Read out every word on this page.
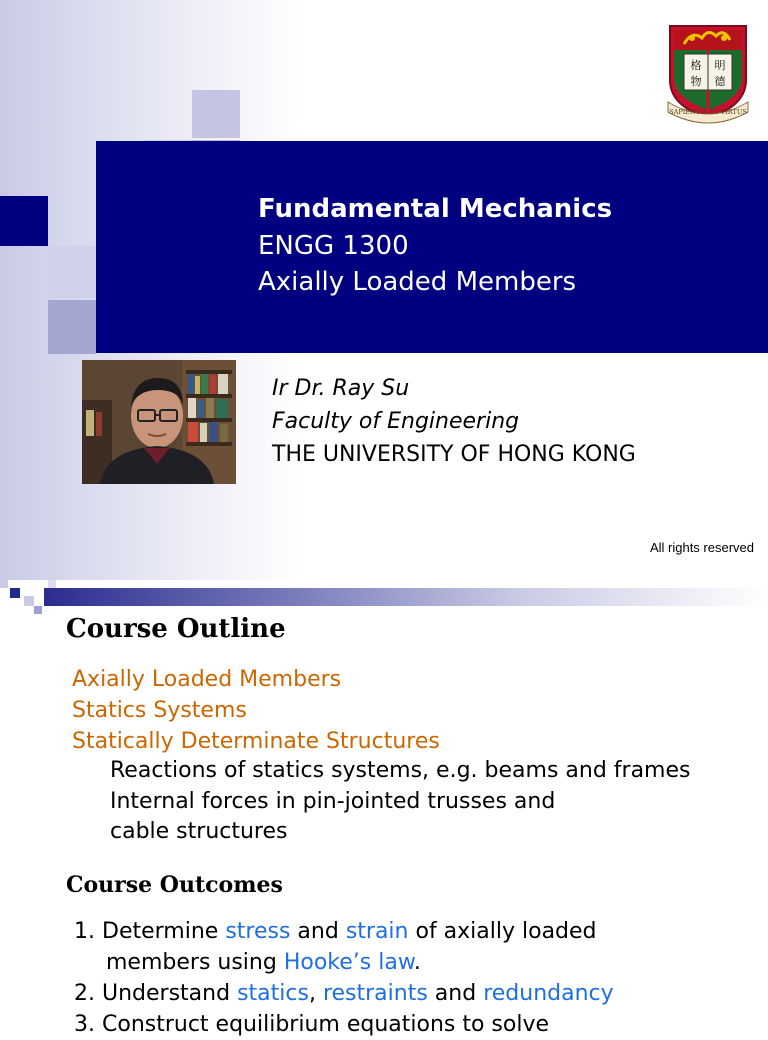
Fundamental Mechanics
ENGG 1300
Axially Loaded Members
格 明
物 德
SAPIENTIA ET VIRTUS
Ir Dr. Ray Su
Faculty of Engineering
THE UNIVERSITY OF HONG KONG
All rights reserved
Course Outline
Axially Loaded Members
Statics Systems
Statically Determinate Structures
Reactions of statics systems, e.g. beams and frames
Internal forces in pin-jointed trusses and
cable structures
Course Outcomes
1. Determine stress and strain of axially loaded
members using Hooke’s law.
2. Understand statics, restraints and redundancy
3. Construct equilibrium equations to solve
